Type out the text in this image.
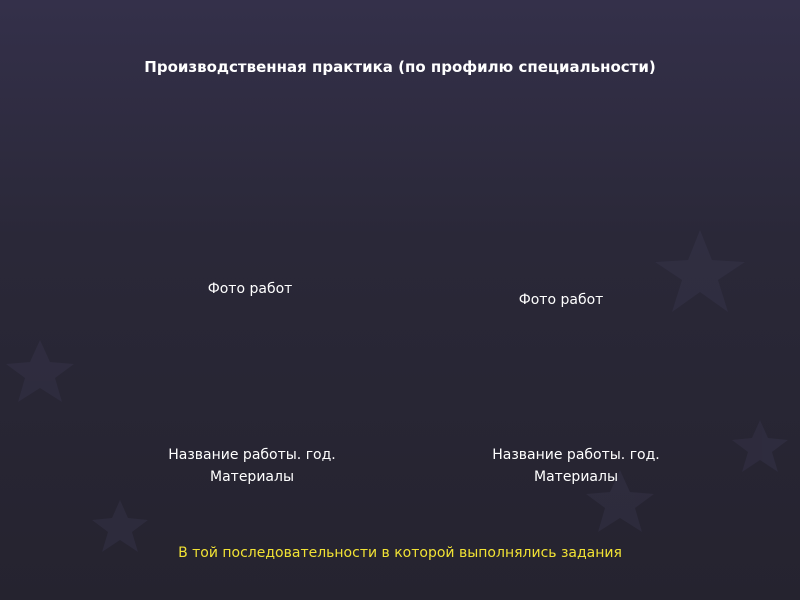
Производственная практика (по профилю специальности)
Фото работ
Фото работ
Название работы. год.
Материалы
Название работы. год.
Материалы
В той последовательности в которой выполнялись задания
